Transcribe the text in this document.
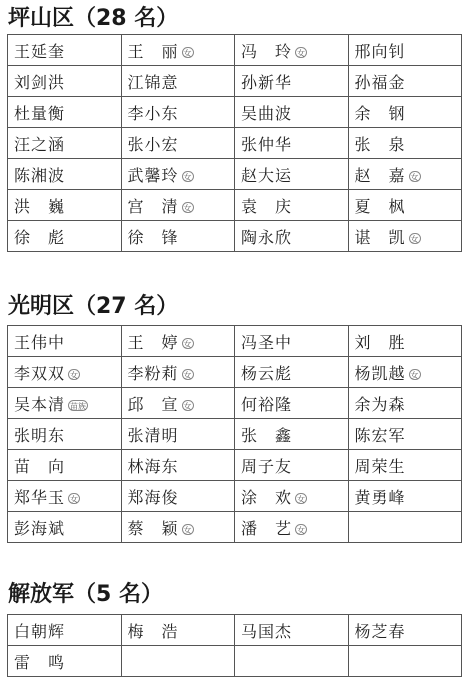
坪山区（28 名）
王延奎	王　丽 女	冯　玲 女	邢向钊
刘剑洪	江锦意	孙新华	孙福金
杜量衡	李小东	吴曲波	余　钢
汪之涵	张小宏	张仲华	张　泉
陈湘波	武馨玲 女	赵大运	赵　嘉 女
洪　巍	宫　清 女	袁　庆	夏　枫
徐　彪	徐　锋	陶永欣	谌　凯 女
光明区（27 名）
王伟中	王　婷 女	冯圣中	刘　胜
李双双 女	李粉莉 女	杨云彪	杨凯越 女
吴本清 苗族	邱　宣 女	何裕隆	余为森
张明东	张清明	张　鑫	陈宏军
苗　向	林海东	周子友	周荣生
郑华玉 女	郑海俊	涂　欢 女	黄勇峰
彭海斌	蔡　颖 女	潘　艺 女	
解放军（5 名）
白朝辉	梅　浩	马国杰	杨芝春
雷　鸣			
